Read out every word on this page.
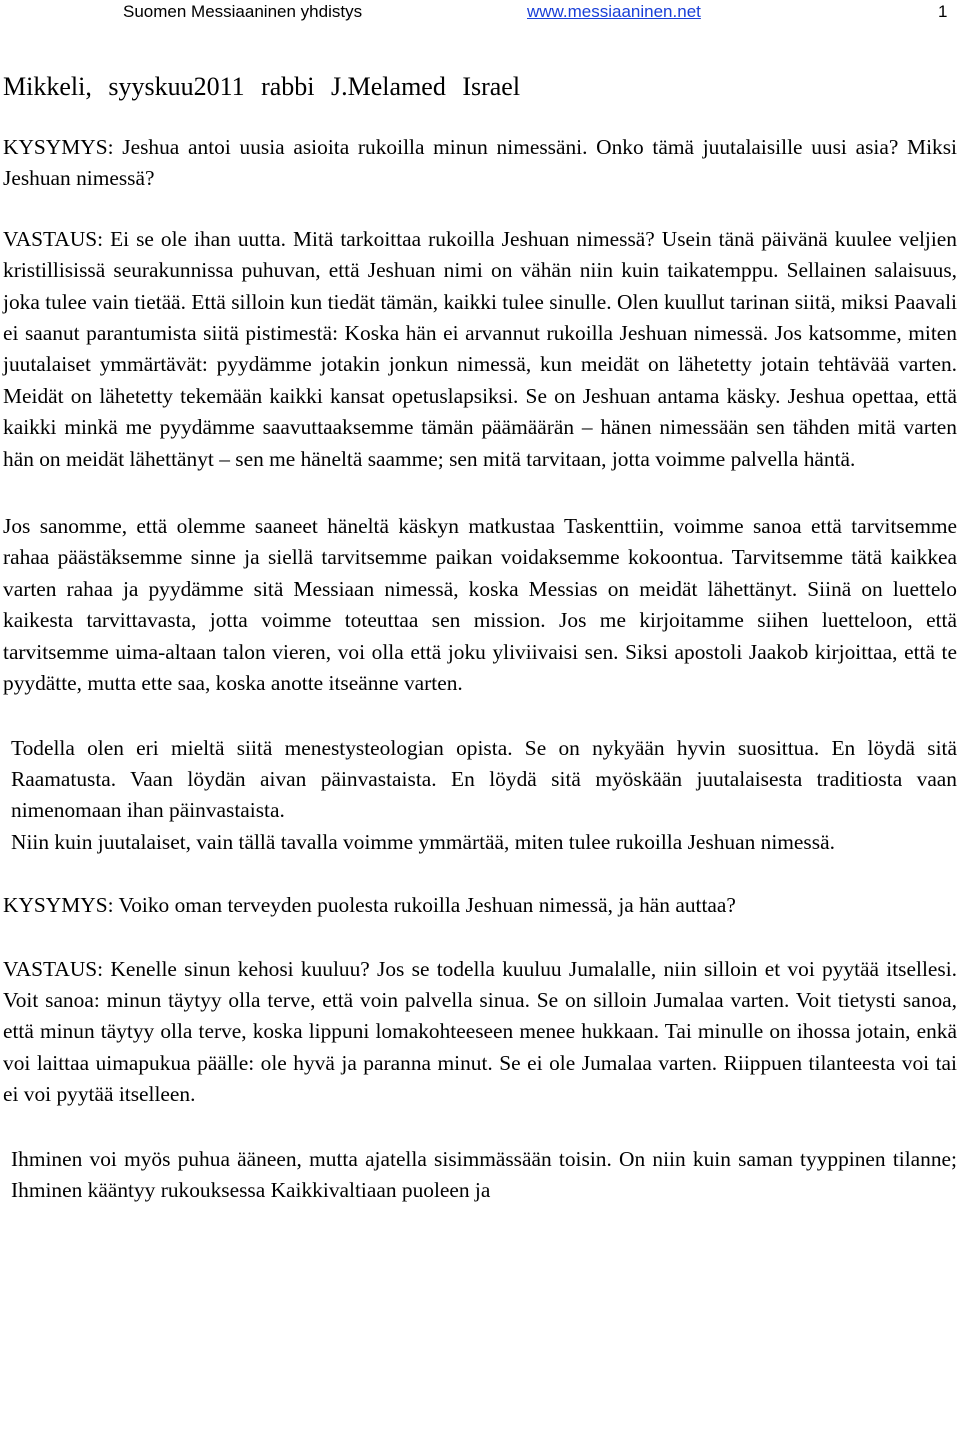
Suomen Messiaaninen yhdistys	www.messiaaninen.net	1

Mikkeli, syyskuu2011 rabbi J.Melamed Israel

KYSYMYS: Jeshua antoi uusia asioita rukoilla minun nimessäni. Onko tämä juutalaisille uusi asia? Miksi Jeshuan nimessä?

VASTAUS: Ei se ole ihan uutta. Mitä tarkoittaa rukoilla Jeshuan nimessä? Usein tänä päivänä kuulee veljien kristillisissä seurakunnissa puhuvan, että Jeshuan nimi on vähän niin kuin taikatemppu. Sellainen salaisuus, joka tulee vain tietää. Että silloin kun tiedät tämän, kaikki tulee sinulle. Olen kuullut tarinan siitä, miksi Paavali ei saanut parantumista siitä pistimestä: Koska hän ei arvannut rukoilla Jeshuan nimessä. Jos katsomme, miten juutalaiset ymmärtävät: pyydämme jotakin jonkun nimessä, kun meidät on lähetetty jotain tehtävää varten. Meidät on lähetetty tekemään kaikki kansat opetuslapsiksi. Se on Jeshuan antama käsky. Jeshua opettaa, että kaikki minkä me pyydämme saavuttaaksemme tämän päämäärän – hänen nimessään sen tähden mitä varten hän on meidät lähettänyt – sen me häneltä saamme; sen mitä tarvitaan, jotta voimme palvella häntä.

Jos sanomme, että olemme saaneet häneltä käskyn matkustaa Taskenttiin, voimme sanoa että tarvitsemme rahaa päästäksemme sinne ja siellä tarvitsemme paikan voidaksemme kokoontua. Tarvitsemme tätä kaikkea varten rahaa ja pyydämme sitä Messiaan nimessä, koska Messias on meidät lähettänyt. Siinä on luettelo kaikesta tarvittavasta, jotta voimme toteuttaa sen mission. Jos me kirjoitamme siihen luetteloon, että tarvitsemme uima-altaan talon vieren, voi olla että joku yliviivaisi sen. Siksi apostoli Jaakob kirjoittaa, että te pyydätte, mutta ette saa, koska anotte itseänne varten.

Todella olen eri mieltä siitä menestysteologian opista. Se on nykyään hyvin suosittua. En löydä sitä Raamatusta. Vaan löydän aivan päinvastaista. En löydä sitä myöskään juutalaisesta traditiosta vaan nimenomaan ihan päinvastaista.

Niin kuin juutalaiset, vain tällä tavalla voimme ymmärtää, miten tulee rukoilla Jeshuan nimessä.

KYSYMYS: Voiko oman terveyden puolesta rukoilla Jeshuan nimessä, ja hän auttaa?

VASTAUS: Kenelle sinun kehosi kuuluu? Jos se todella kuuluu Jumalalle, niin silloin et voi pyytää itsellesi. Voit sanoa: minun täytyy olla terve, että voin palvella sinua. Se on silloin Jumalaa varten. Voit tietysti sanoa, että minun täytyy olla terve, koska lippuni lomakohteeseen menee hukkaan. Tai minulle on ihossa jotain, enkä voi laittaa uimapukua päälle: ole hyvä ja paranna minut. Se ei ole Jumalaa varten. Riippuen tilanteesta voi tai ei voi pyytää itselleen.

Ihminen voi myös puhua ääneen, mutta ajatella sisimmässään toisin. On niin kuin saman tyyppinen tilanne; Ihminen kääntyy rukouksessa Kaikkivaltiaan puoleen ja
